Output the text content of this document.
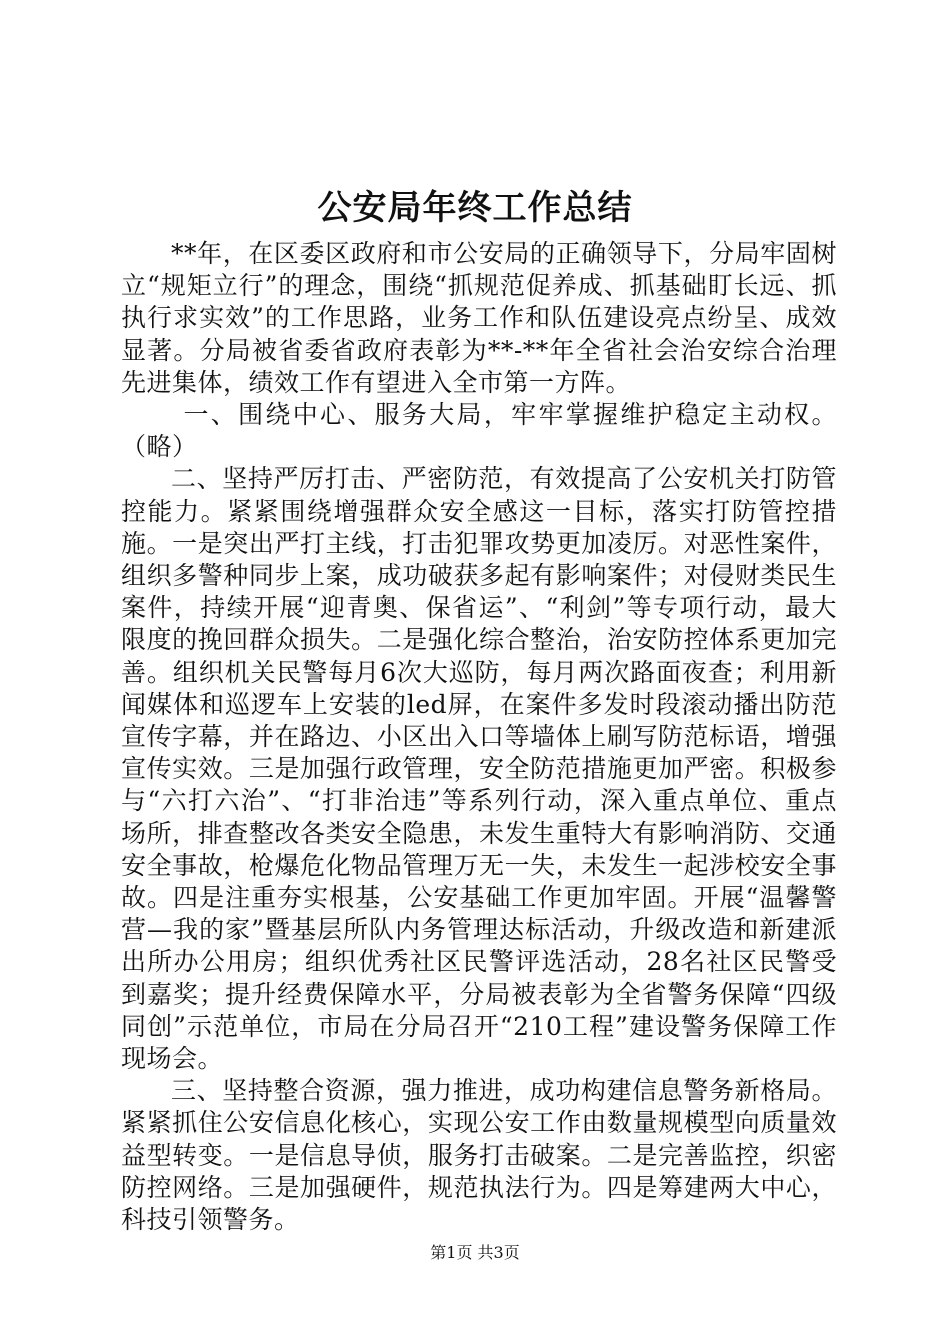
公安局年终工作总结

**年，在区委区政府和市公安局的正确领导下，分局牢固树立“规矩立行”的理念，围绕“抓规范促养成、抓基础盯长远、抓执行求实效”的工作思路，业务工作和队伍建设亮点纷呈、成效显著。分局被省委省政府表彰为**-**年全省社会治安综合治理先进集体，绩效工作有望进入全市第一方阵。

一、围绕中心、服务大局，牢牢掌握维护稳定主动权。（略）

二、坚持严厉打击、严密防范，有效提高了公安机关打防管控能力。紧紧围绕增强群众安全感这一目标，落实打防管控措施。一是突出严打主线，打击犯罪攻势更加凌厉。对恶性案件，组织多警种同步上案，成功破获多起有影响案件；对侵财类民生案件，持续开展“迎青奥、保省运”、“利剑”等专项行动，最大限度的挽回群众损失。二是强化综合整治，治安防控体系更加完善。组织机关民警每月6次大巡防，每月两次路面夜查；利用新闻媒体和巡逻车上安装的led屏，在案件多发时段滚动播出防范宣传字幕，并在路边、小区出入口等墙体上刷写防范标语，增强宣传实效。三是加强行政管理，安全防范措施更加严密。积极参与“六打六治”、“打非治违”等系列行动，深入重点单位、重点场所，排查整改各类安全隐患，未发生重特大有影响消防、交通安全事故，枪爆危化物品管理万无一失，未发生一起涉校安全事故。四是注重夯实根基，公安基础工作更加牢固。开展“温馨警营—我的家”暨基层所队内务管理达标活动，升级改造和新建派出所办公用房；组织优秀社区民警评选活动，28名社区民警受到嘉奖；提升经费保障水平，分局被表彰为全省警务保障“四级同创”示范单位，市局在分局召开“210工程”建设警务保障工作现场会。

三、坚持整合资源，强力推进，成功构建信息警务新格局。紧紧抓住公安信息化核心，实现公安工作由数量规模型向质量效益型转变。一是信息导侦，服务打击破案。二是完善监控，织密防控网络。三是加强硬件，规范执法行为。四是筹建两大中心，科技引领警务。

第1页 共3页
